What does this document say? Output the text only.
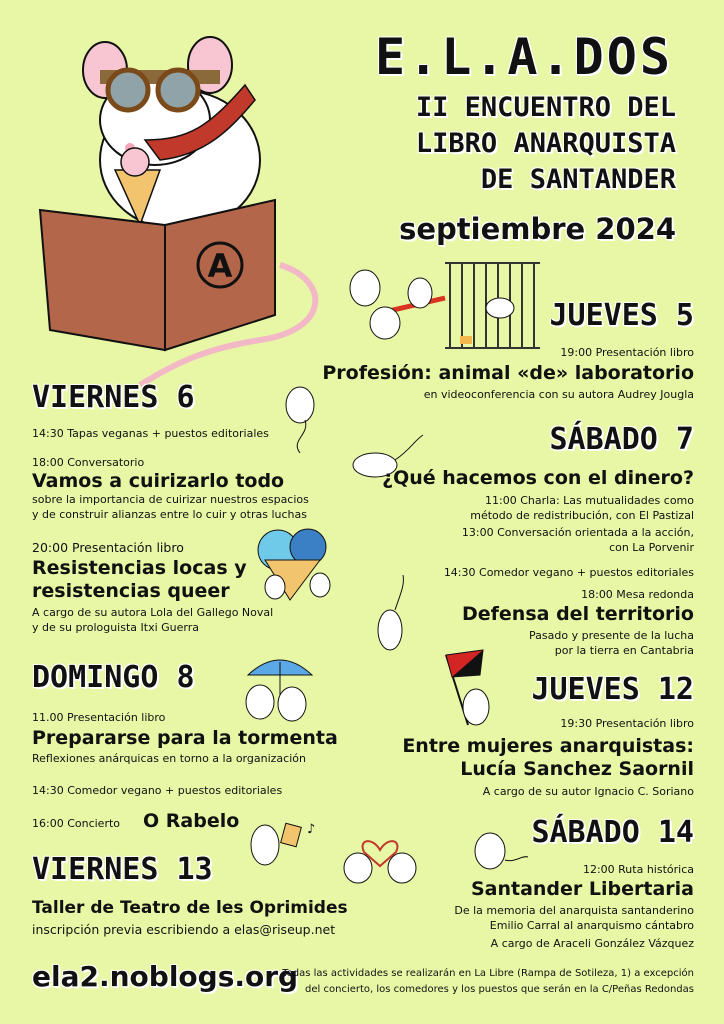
A
E.L.A.DOS
II ENCUENTRO DEL
LIBRO ANARQUISTA
DE SANTANDER
septiembre 2024
♪
VIERNES 6
14:30 Tapas veganas + puestos editoriales
18:00 Conversatorio
Vamos a cuirizarlo todo
sobre la importancia de cuirizar nuestros espacios
y de construir alianzas entre lo cuir y otras luchas
20:00 Presentación libro
Resistencias locas y
resistencias queer
A cargo de su autora Lola del Gallego Noval
y de su prologuista Itxi Guerra
DOMINGO 8
11.00 Presentación libro
Prepararse para la tormenta
Reflexiones anárquicas en torno a la organización
14:30 Comedor vegano + puestos editoriales
16:00 Concierto O Rabelo
VIERNES 13
Taller de Teatro de les Oprimides
inscripción previa escribiendo a elas@riseup.net
ela2.noblogs.org
JUEVES 5
19:00 Presentación libro
Profesión: animal «de» laboratorio
en videoconferencia con su autora Audrey Jougla
SÁBADO 7
¿Qué hacemos con el dinero?
11:00 Charla: Las mutualidades como
método de redistribución, con El Pastizal
13:00 Conversación orientada a la acción,
con La Porvenir
14:30 Comedor vegano + puestos editoriales
18:00 Mesa redonda
Defensa del territorio
Pasado y presente de la lucha
por la tierra en Cantabria
JUEVES 12
19:30 Presentación libro
Entre mujeres anarquistas:
Lucía Sanchez Saornil
A cargo de su autor Ignacio C. Soriano
SÁBADO 14
12:00 Ruta histórica
Santander Libertaria
De la memoria del anarquista santanderino
Emilio Carral al anarquismo cántabro
A cargo de Araceli González Vázquez
Todas las actividades se realizarán en La Libre (Rampa de Sotileza, 1) a excepción
del concierto, los comedores y los puestos que serán en la C/Peñas Redondas
